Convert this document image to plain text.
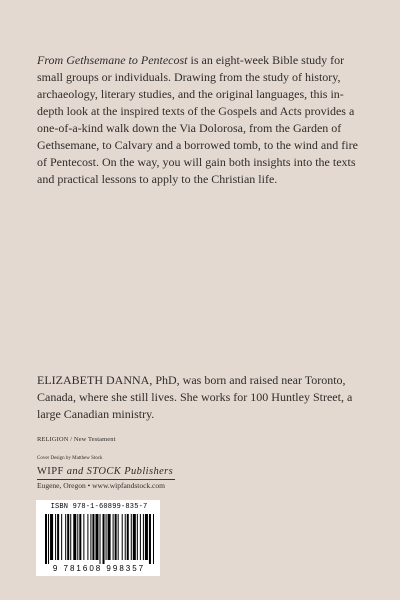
From Gethsemane to Pentecost is an eight-week Bible study for small groups or individuals. Drawing from the study of history, archaeology, literary studies, and the original languages, this in-depth look at the inspired texts of the Gospels and Acts provides a one-of-a-kind walk down the Via Dolorosa, from the Garden of Gethsemane, to Calvary and a borrowed tomb, to the wind and fire of Pentecost. On the way, you will gain both insights into the texts and practical lessons to apply to the Christian life.

ELIZABETH DANNA, PhD, was born and raised near Toronto, Canada, where she still lives. She works for 100 Huntley Street, a large Canadian ministry.

RELIGION / New Testament
Cover Design by Matthew Stock
WIPF and STOCK Publishers
Eugene, Oregon • www.wipfandstock.com
ISBN 978-1-60899-835-7
9 781608 998357
